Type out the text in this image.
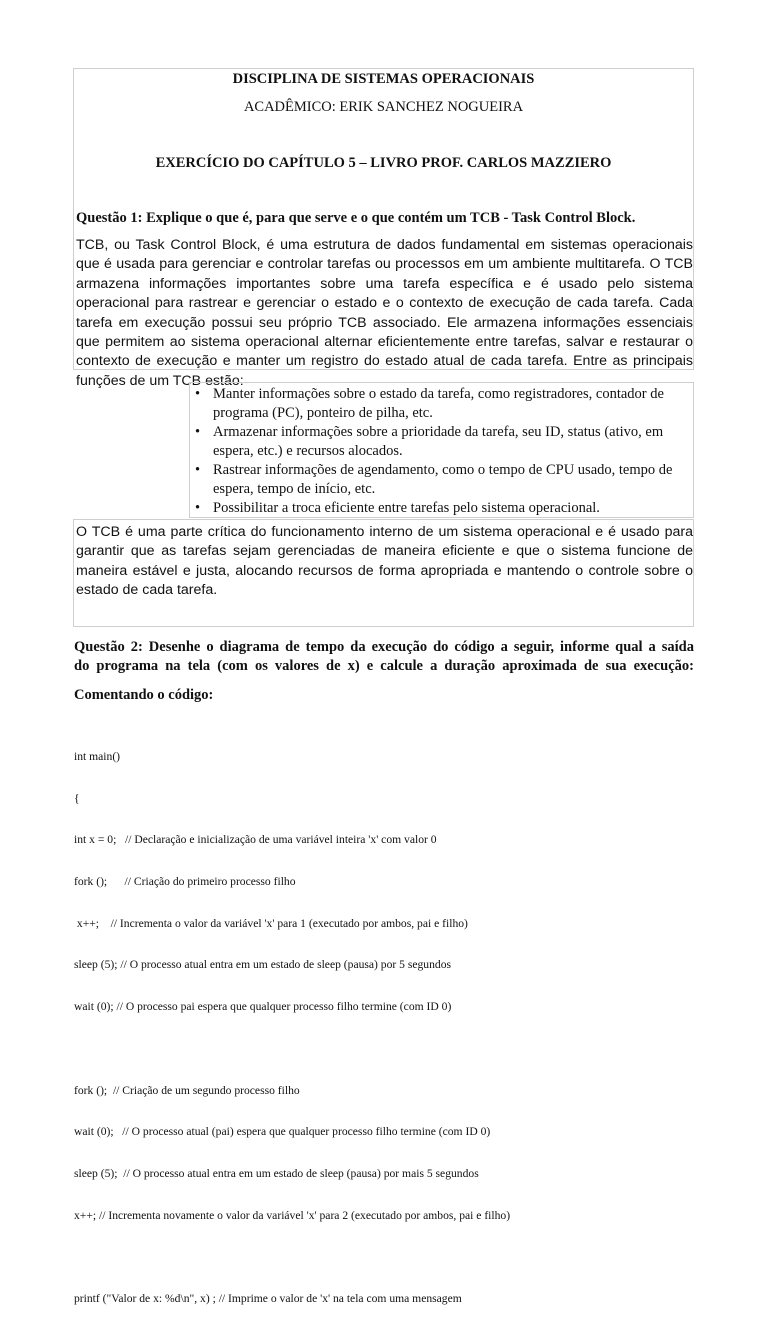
DISCIPLINA DE SISTEMAS OPERACIONAIS
ACADÊMICO: ERIK SANCHEZ NOGUEIRA
EXERCÍCIO DO CAPÍTULO 5 – LIVRO PROF. CARLOS MAZZIERO
Questão 1: Explique o que é, para que serve e o que contém um TCB - Task Control Block.

TCB, ou Task Control Block, é uma estrutura de dados fundamental em sistemas operacionais que é usada para gerenciar e controlar tarefas ou processos em um ambiente multitarefa. O TCB armazena informações importantes sobre uma tarefa específica e é usado pelo sistema operacional para rastrear e gerenciar o estado e o contexto de execução de cada tarefa. Cada tarefa em execução possui seu próprio TCB associado. Ele armazena informações essenciais que permitem ao sistema operacional alternar eficientemente entre tarefas, salvar e restaurar o contexto de execução e manter um registro do estado atual de cada tarefa. Entre as principais funções de um TCB estão:

• Manter informações sobre o estado da tarefa, como registradores, contador de programa (PC), ponteiro de pilha, etc.
• Armazenar informações sobre a prioridade da tarefa, seu ID, status (ativo, em espera, etc.) e recursos alocados.
• Rastrear informações de agendamento, como o tempo de CPU usado, tempo de espera, tempo de início, etc.
• Possibilitar a troca eficiente entre tarefas pelo sistema operacional.

O TCB é uma parte crítica do funcionamento interno de um sistema operacional e é usado para garantir que as tarefas sejam gerenciadas de maneira eficiente e que o sistema funcione de maneira estável e justa, alocando recursos de forma apropriada e mantendo o controle sobre o estado de cada tarefa.

Questão 2: Desenhe o diagrama de tempo da execução do código a seguir, informe qual a saída
do programa na tela (com os valores de x) e calcule a duração aproximada de sua execução:
Comentando o código:

int main()

{

int x = 0;   // Declaração e inicialização de uma variável inteira 'x' com valor 0

fork ();      // Criação do primeiro processo filho

x++;    // Incrementa o valor da variável 'x' para 1 (executado por ambos, pai e filho)

sleep (5); // O processo atual entra em um estado de sleep (pausa) por 5 segundos

wait (0); // O processo pai espera que qualquer processo filho termine (com ID 0)

fork ();  // Criação de um segundo processo filho

wait (0);   // O processo atual (pai) espera que qualquer processo filho termine (com ID 0)

sleep (5);  // O processo atual entra em um estado de sleep (pausa) por mais 5 segundos

x++; // Incrementa novamente o valor da variável 'x' para 2 (executado por ambos, pai e filho)

printf ("Valor de x: %d\n", x) ; // Imprime o valor de 'x' na tela com uma mensagem
